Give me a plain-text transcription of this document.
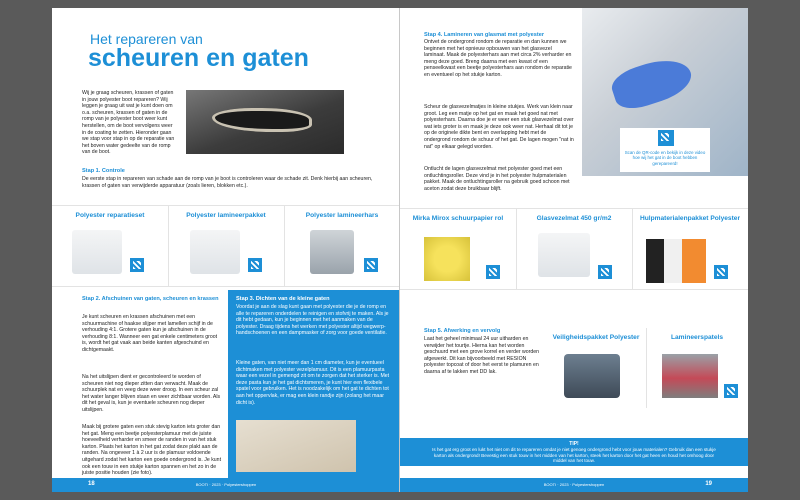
Het repareren van
scheuren en gaten
Wij je graag scheuren, krassen of gaten in jouw polyester boot repareren? Wij leggen je graag uit wat je kunt doen om o.a. scheuren, krassen of gaten in de romp van je polyester boot weer kunt herstellen, om de boot vervolgens weer in de coating te zetten. Hieronder gaan we stap voor stap in op de reparatie van het boven water gedeelte van de romp van de boot.
Stap 1. Controle
De eerste stap in repareren van schade aan de romp van je boot is controleren waar de schade zit. Denk hierbij aan scheuren, krassen of gaten van verwijderde apparatuur (zoals lieren, blokken etc.).
Polyester reparatieset	Polyester lamineerpakket	Polyester lamineerhars
Stap 2. Afschuinen van gaten, scheuren en krassen
Je kunt scheuren en krassen afschuinen met een schuurmachine of haakse slijper met lamellen schijf in de verhouding 4:1. Grotere gaten kun je afschuinen in de verhouding 8:1. Wanneer een gat enkele centimeters groot is, wordt het gat vaak aan beide kanten afgeschuind en dichtgemaakt.
Na het uitslijpen dient er gecontroleerd te worden of scheuren niet nog dieper zitten dan verwacht. Maak de schuurplek nat en veeg deze weer droog. In een scheur zal het water langer blijven staan en weer zichtbaar worden. Als dit het geval is, kun je eventuele scheuren nog dieper uitslijpen.
Maak bij grotere gaten een stuk stevig karton iets groter dan het gat. Meng een beetje polyesterplamuur met de juiste hoeveelheid verharder en smeer de randen in van het stuk karton. Plaats het karton in het gat zodat deze plakt aan de randen. Na ongeveer 1 à 2 uur is de plamuur voldoende uitgehard zodat het karton een goede ondergrond is. Je kunt ook een touw in een stukje karton spannen en het zo in de juiste positie houden (zie foto).
Stap 3. Dichten van de kleine gaten
Voordat je aan de slag kunt gaan met polyester die je de romp en alle te repareren onderdelen te reinigen en stofvrij te maken. Als je dit hebt gedaan, kun je beginnen met het aanmaken van de polyester. Draag tijdens het werken met polyester altijd wegwerp-handschoenen en een dampmasker of zorg voor goede ventilatie.
Kleine gaten, van niet meer dan 1 cm diameter, kun je eventueel dichtmaken met polyester vezelplamuur. Dit is een plamuurpasta waar een vezel in gemengd zit om te zorgen dat het sterker is. Met deze pasta kun je het gat dichtsmeren, je kunt hier een flexibele spatel voor gebruiken. Het is noodzakelijk om het gat te dichten tot aan het oppervlak, er mag een klein randje zijn (zolang het maar dicht is).
18	BOOTI · 2023 · Polyestershoppen
Stap 4. Lamineren van glasmat met polyester
Ontvet de ondergrond rondom de reparatie en dan kunnen we beginnen met het opnieuw opbouwen van het glasvezel laminaat. Maak de polyesterhars aan met circa 2% verharder en meng deze goed. Breng daarna met een kwast of een penseelkwast een beetje polyesterhars aan rondom de reparatie en eventueel op het stukje karton.
Scheur de glasvezelmatjes in kleine stukjes. Werk van klein naar groot. Leg een matje op het gat en maak het goed nat met polyesterhars. Daarna doe je er weer een stuk glasvezelmat over wat iets groter is en maak je deze ook weer nat. Herhaal dit tot je op de originele dikte bent en overlapping hebt met de ondergrond rondom de schuur of het gat. De lagen mogen "nat in nat" op elkaar gelegd worden.
Ontlucht de lagen glasvezelmat met polyester goed met een ontluchtingsroller. Deze vind je in het polyester hulpmaterialen pakket. Maak de ontluchtingsroller na gebruik goed schoon met aceton zodat deze bruikbaar blijft.
Scan de QR-code en bekijk in deze video hoe wij het gat in de boot hebben gerepareerd!
Mirka Mirox schuurpapier rol	Glasvezelmat 450 gr/m2	Hulpmaterialenpakket Polyester
Stap 5. Afwerking en vervolg
Laat het geheel minimaal 24 uur uitharden en verwijder het tourtje. Hierna kan het worden geschuurd met een grove korrel en verder worden afgewerkt. Dit kan bijvoorbeeld met RESION polyester topcoat of door het eerst te plamuren en daarna af te lakken met DD lak.
Veiligheidspakket Polyester	Lamineerspatels
TIP!
Is het gat erg groot en lukt het niet om dit te repareren omdat je niet genoeg ondergrond hebt voor jouw materialen? Gebruik dan een stukje karton als ondergrond! Bevestig een stuk touw in het midden van het karton, steek het karton door het gat heen en houd het omhoog door middel van het touw.
19
BOOTI · 2023 · Polyestershoppen
